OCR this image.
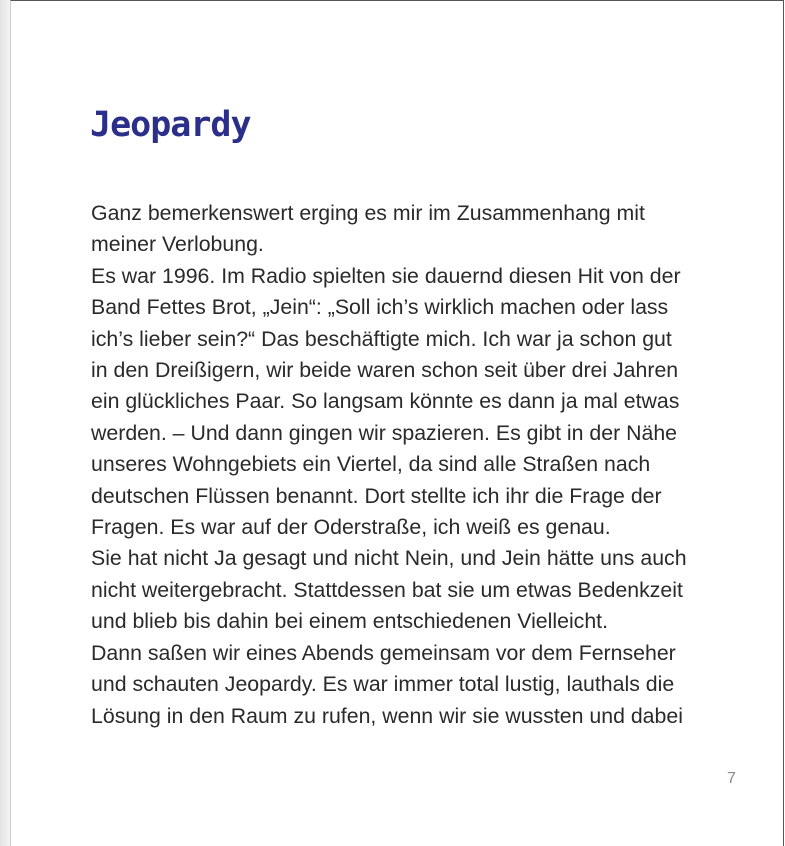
Jeopardy
Ganz bemerkenswert erging es mir im Zusammenhang mit
meiner Verlobung.
Es war 1996. Im Radio spielten sie dauernd diesen Hit von der
Band Fettes Brot, „Jein“: „Soll ich’s wirklich machen oder lass
ich’s lieber sein?“ Das beschäftigte mich. Ich war ja schon gut
in den Dreißigern, wir beide waren schon seit über drei Jahren
ein glückliches Paar. So langsam könnte es dann ja mal etwas
werden. – Und dann gingen wir spazieren. Es gibt in der Nähe
unseres Wohngebiets ein Viertel, da sind alle Straßen nach
deutschen Flüssen benannt. Dort stellte ich ihr die Frage der
Fragen. Es war auf der Oderstraße, ich weiß es genau.
Sie hat nicht Ja gesagt und nicht Nein, und Jein hätte uns auch
nicht weitergebracht. Stattdessen bat sie um etwas Bedenkzeit
und blieb bis dahin bei einem entschiedenen Vielleicht.
Dann saßen wir eines Abends gemeinsam vor dem Fernseher
und schauten Jeopardy. Es war immer total lustig, lauthals die
Lösung in den Raum zu rufen, wenn wir sie wussten und dabei
7
